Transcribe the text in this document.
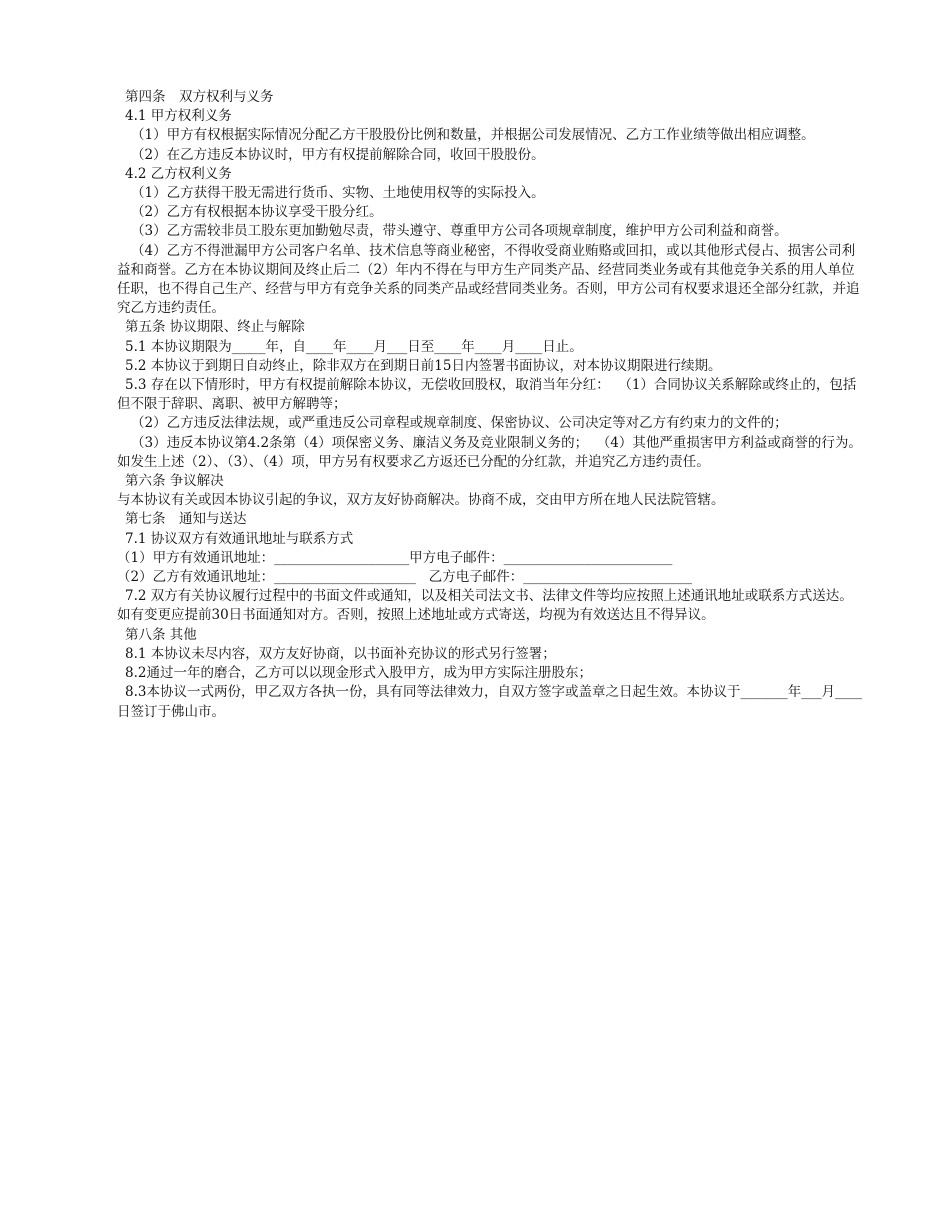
第四条　双方权利与义务

4.1 甲方权利义务

（1）甲方有权根据实际情况分配乙方干股股份比例和数量，并根据公司发展情况、乙方工作业绩等做出相应调整。

（2）在乙方违反本协议时，甲方有权提前解除合同，收回干股股份。

4.2 乙方权利义务

（1）乙方获得干股无需进行货币、实物、土地使用权等的实际投入。

（2）乙方有权根据本协议享受干股分红。

（3）乙方需较非员工股东更加勤勉尽责，带头遵守、尊重甲方公司各项规章制度，维护甲方公司利益和商誉。

（4）乙方不得泄漏甲方公司客户名单、技术信息等商业秘密，不得收受商业贿赂或回扣，或以其他形式侵占、损害公司利益和商誉。乙方在本协议期间及终止后二（2）年内不得在与甲方生产同类产品、经营同类业务或有其他竞争关系的用人单位任职，也不得自己生产、经营与甲方有竞争关系的同类产品或经营同类业务。否则，甲方公司有权要求退还全部分红款，并追究乙方违约责任。

第五条 协议期限、终止与解除

5.1 本协议期限为_____年，自____年____月___日至____年____月____日止。

5.2 本协议于到期日自动终止，除非双方在到期日前15日内签署书面协议，对本协议期限进行续期。

5.3 存在以下情形时，甲方有权提前解除本协议，无偿收回股权，取消当年分红：  （1）合同协议关系解除或终止的，包括但不限于辞职、离职、被甲方解聘等；

（2）乙方违反法律法规，或严重违反公司章程或规章制度、保密协议、公司决定等对乙方有约束力的文件的；

（3）违反本协议第4.2条第（4）项保密义务、廉洁义务及竞业限制义务的；  （4）其他严重损害甲方利益或商誉的行为。 如发生上述（2）、（3）、（4）项，甲方另有权要求乙方返还已分配的分红款，并追究乙方违约责任。

第六条 争议解决

与本协议有关或因本协议引起的争议，双方友好协商解决。协商不成，交由甲方所在地人民法院管辖。

第七条　通知与送达

7.1 协议双方有效通讯地址与联系方式

（1）甲方有效通讯地址：____________________甲方电子邮件：_________________________

（2）乙方有效通讯地址：_____________________   乙方电子邮件：_________________________

7.2 双方有关协议履行过程中的书面文件或通知，以及相关司法文书、法律文件等均应按照上述通讯地址或联系方式送达。如有变更应提前30日书面通知对方。否则，按照上述地址或方式寄送，均视为有效送达且不得异议。

第八条 其他

8.1 本协议未尽内容，双方友好协商，以书面补充协议的形式另行签署；

8.2通过一年的磨合，乙方可以以现金形式入股甲方，成为甲方实际注册股东；

8.3本协议一式两份，甲乙双方各执一份，具有同等法律效力，自双方签字或盖章之日起生效。本协议于_______年___月____日签订于佛山市。
